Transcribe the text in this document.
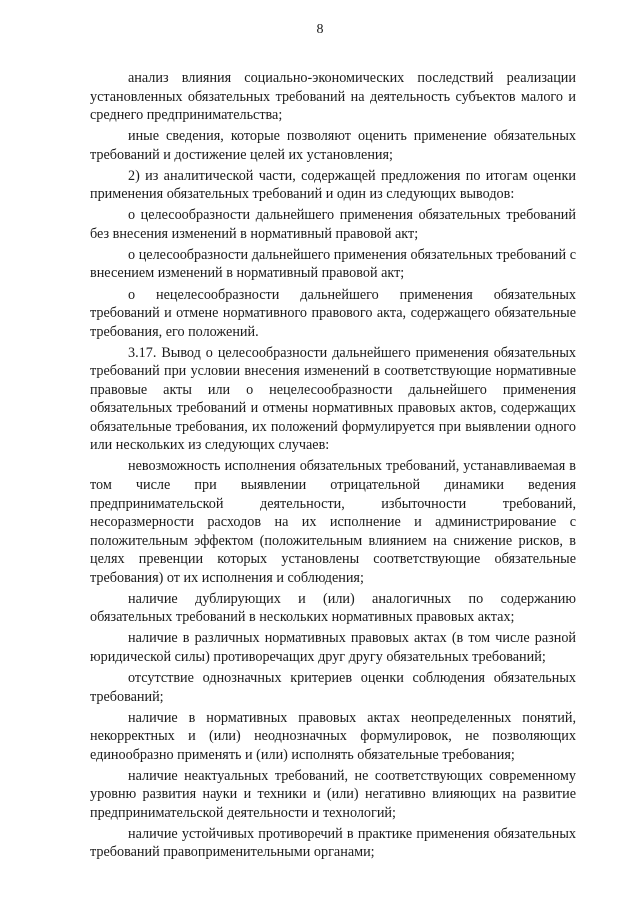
8

анализ влияния социально-экономических последствий реализации установленных обязательных требований на деятельность субъектов малого и среднего предпринимательства;

иные сведения, которые позволяют оценить применение обязательных требований и достижение целей их установления;

2) из аналитической части, содержащей предложения по итогам оценки применения обязательных требований и один из следующих выводов:

о целесообразности дальнейшего применения обязательных требований без внесения изменений в нормативный правовой акт;

о целесообразности дальнейшего применения обязательных требований с внесением изменений в нормативный правовой акт;

о нецелесообразности дальнейшего применения обязательных требований и отмене нормативного правового акта, содержащего обязательные требования, его положений.

3.17. Вывод о целесообразности дальнейшего применения обязательных требований при условии внесения изменений в соответствующие нормативные правовые акты или о нецелесообразности дальнейшего применения обязательных требований и отмены нормативных правовых актов, содержащих обязательные требования, их положений формулируется при выявлении одного или нескольких из следующих случаев:

невозможность исполнения обязательных требований, устанавливаемая в том числе при выявлении отрицательной динамики ведения предпринимательской деятельности, избыточности требований, несоразмерности расходов на их исполнение и администрирование с положительным эффектом (положительным влиянием на снижение рисков, в целях превенции которых установлены соответствующие обязательные требования) от их исполнения и соблюдения;

наличие дублирующих и (или) аналогичных по содержанию обязательных требований в нескольких нормативных правовых актах;

наличие в различных нормативных правовых актах (в том числе разной юридической силы) противоречащих друг другу обязательных требований;

отсутствие однозначных критериев оценки соблюдения обязательных требований;

наличие в нормативных правовых актах неопределенных понятий, некорректных и (или) неоднозначных формулировок, не позволяющих единообразно применять и (или) исполнять обязательные требования;

наличие неактуальных требований, не соответствующих современному уровню развития науки и техники и (или) негативно влияющих на развитие предпринимательской деятельности и технологий;

наличие устойчивых противоречий в практике применения обязательных требований правоприменительными органами;
